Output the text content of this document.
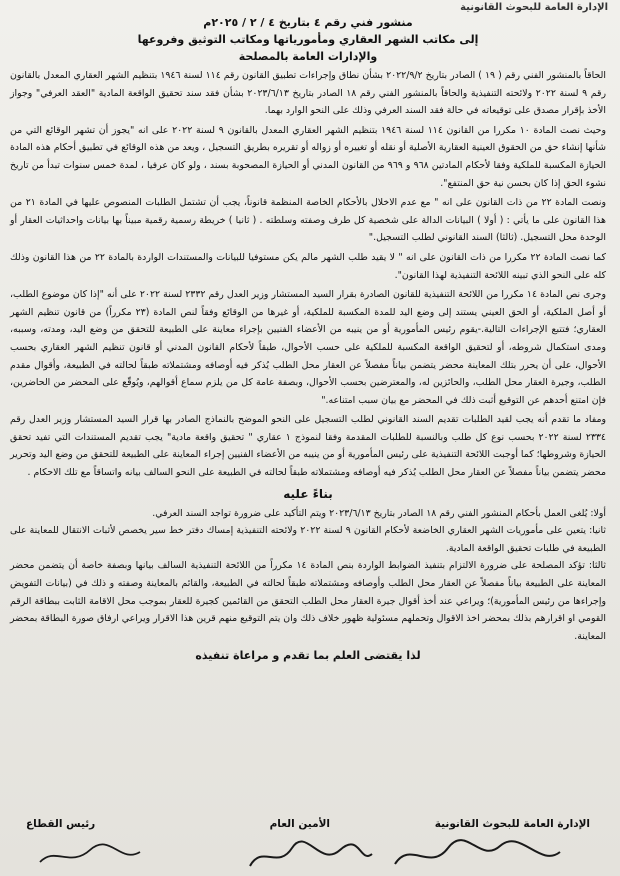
الإدارة العامة للبحوث القانونية
منشور فني رقم ٤ بتاريخ ٤ / ٢ / ٢٠٢٥م
إلى مكاتب الشهر العقاري ومأمورياتها ومكاتب التوثيق وفروعها
والإدارات العامة بالمصلحة

الحاقاً بالمنشور الفني رقم ( ١٩ ) الصادر بتاريخ ٢٠٢٢/٩/٢ بشأن نطاق وإجراءات تطبيق القانون رقم ١١٤ لسنة ١٩٤٦ بتنظيم الشهر العقاري المعدل بالقانون رقم ٩ لسنة ٢٠٢٢ ولائحته التنفيذية والحاقاً بالمنشور الفني رقم ١٨ الصادر بتاريخ ٢٠٢٣/٦/١٣ بشأن فقد سند تحقيق الواقعة المادية "العقد العرفي" وجواز الأخذ بإقرار مصدق على توقيعاته في حالة فقد السند العرفي وذلك على النحو الوارد بهما.

وحيث نصت المادة ١٠ مكررا من القانون ١١٤ لسنة ١٩٤٦ بتنظيم الشهر العقاري المعدل بالقانون ٩ لسنة ٢٠٢٢ على انه "يجوز أن تشهر الوقائع التي من شأنها إنشاء حق من الحقوق العينية العقارية الأصلية أو نقله أو تغييره أو زواله أو تقريره بطريق التسجيل ، ويعد من هذه الوقائع في تطبيق أحكام هذه المادة الحيازة المكسبة للملكية وفقا لأحكام المادتين ٩٦٨ و ٩٦٩ من القانون المدني أو الحيازة المصحوبة بسند ، ولو كان عرفيا ، لمدة خمس سنوات تبدأ من تاريخ نشوء الحق إذا كان بحسن نية حق المنتفع".

ونصت المادة ٢٢ من ذات القانون على انه " مع عدم الاخلال بالأحكام الخاصة المنظمة قانوناً، يجب أن تشتمل الطلبات المنصوص عليها في المادة ٢١ من هذا القانون على ما يأتي : ( أولا ) البيانات الدالة على شخصية كل طرف وصفته وسلطته . ( ثانيا ) خريطة رسمية رقمية مبيناً بها بيانات واحداثيات العقار أو الوحدة محل التسجيل. (ثالثا) السند القانوني لطلب التسجيل."

كما نصت المادة ٢٢ مكررا من ذات القانون على انه " لا يقيد طلب الشهر مالم يكن مستوفيا للبيانات والمستندات الواردة بالمادة ٢٢ من هذا القانون وذلك كله على النحو الذي تبينه اللائحة التنفيذية لهذا القانون".

وجرى نص المادة ١٤ مكررا من اللائحة التنفيذية للقانون الصادرة بقرار السيد المستشار وزير العدل رقم ٢٣٣٢ لسنة ٢٠٢٢ على أنه "إذا كان موضوع الطلب، أو أصل الملكية، أو الحق العيني يستند إلى وضع اليد للمدة المكسبة للملكية، أو غيرها من الوقائع وفقاً لنص المادة (٢٣ مكرراً) من قانون تنظيم الشهر العقاري؛ فتتبع الإجراءات التالية.-يقوم رئيس المأمورية أو من ينيبه من الأعضاء الفنيين بإجراء معاينة على الطبيعة للتحقق من وضع اليد، ومدته، وسببه، ومدى استكمال شروطه، أو لتحقيق الواقعة المكسبة للملكية على حسب الأحوال، طبقاً لأحكام القانون المدني أو قانون تنظيم الشهر العقاري بحسب الأحوال، على أن يحرر بتلك المعاينة محضر يتضمن بياناً مفصلاً عن العقار محل الطلب يُذكر فيه أوصافه ومشتملاته طبقاً لحالته في الطبيعة، وأقوال مقدم الطلب، وجيرة العقار محل الطلب، والحائزين له، والمعترضين بحسب الأحوال، وبصفة عامة كل من يلزم سماع أقوالهم، ويُوقّع على المحضر من الحاضرين، فإن امتنع أحدهم عن التوقيع أثبت ذلك في المحضر مع بيان سبب امتناعه."

ومفاد ما تقدم أنه يجب لقيد الطلبات تقديم السند القانوني لطلب التسجيل على النحو الموضح بالنماذج الصادر بها قرار السيد المستشار وزير العدل رقم ٢٣٣٤ لسنة ٢٠٢٢ بحسب نوع كل طلب وبالنسبة للطلبات المقدمة وفقا لنموذج ١ عقاري " تحقيق واقعة مادية" يجب تقديم المستندات التي تفيد تحقق الحيازة وشروطها؛ كما أوجبت اللائحة التنفيذية على رئيس المأمورية أو من ينيبه من الأعضاء الفنيين إجراء المعاينة على الطبيعة للتحقق من وضع اليد وتحرير محضر يتضمن بياناً مفصلاً عن العقار محل الطلب يُذكر فيه أوصافه ومشتملاته طبقاً لحالته في الطبيعة على النحو السالف بيانه واتساقاً مع تلك الاحكام .

بناءً عليه

أولا: يُلغى العمل بأحكام المنشور الفني رقم ١٨ الصادر بتاريخ ٢٠٢٣/٦/١٣ ويتم التأكيد على ضرورة تواجد السند العرفي.

ثانيا: يتعين على مأموريات الشهر العقاري الخاضعة لأحكام القانون ٩ لسنة ٢٠٢٢ ولائحته التنفيذية إمساك دفتر خط سير يخصص لأثبات الانتقال للمعاينة على الطبيعة في طلبات تحقيق الواقعة المادية.

ثالثا: تؤكد المصلحة على ضرورة الالتزام بتنفيذ الضوابط الواردة بنص المادة ١٤ مكرراً من اللائحة التنفيذية السالف بيانها وبصفة خاصة أن يتضمن محضر المعاينة على الطبيعة بياناً مفصلاً عن العقار محل الطلب وأوصافه ومشتملاته طبقاً لحالته في الطبيعة، والقائم بالمعاينة وصفته و ذلك في (بيانات التفويض وإجراءها من رئيس المأمورية)؛ ويراعي عند أخذ أقوال جيرة العقار محل الطلب التحقق من القائمين كجيرة للعقار بموجب محل الاقامة الثابت ببطاقة الرقم القومي او اقرارهم بذلك بمحضر اخذ الاقوال وتحملهم مسئولية ظهور خلاف ذلك وان يتم التوقيع منهم قرين هذا الاقرار ويراعي ارفاق صورة البطاقة بمحضر المعاينة.

لذا يقتضى العلم بما تقدم و مراعاة تنفيذه
الإدارة العامة للبحوث القانونية
الأمين العام
رئيس القطاع
